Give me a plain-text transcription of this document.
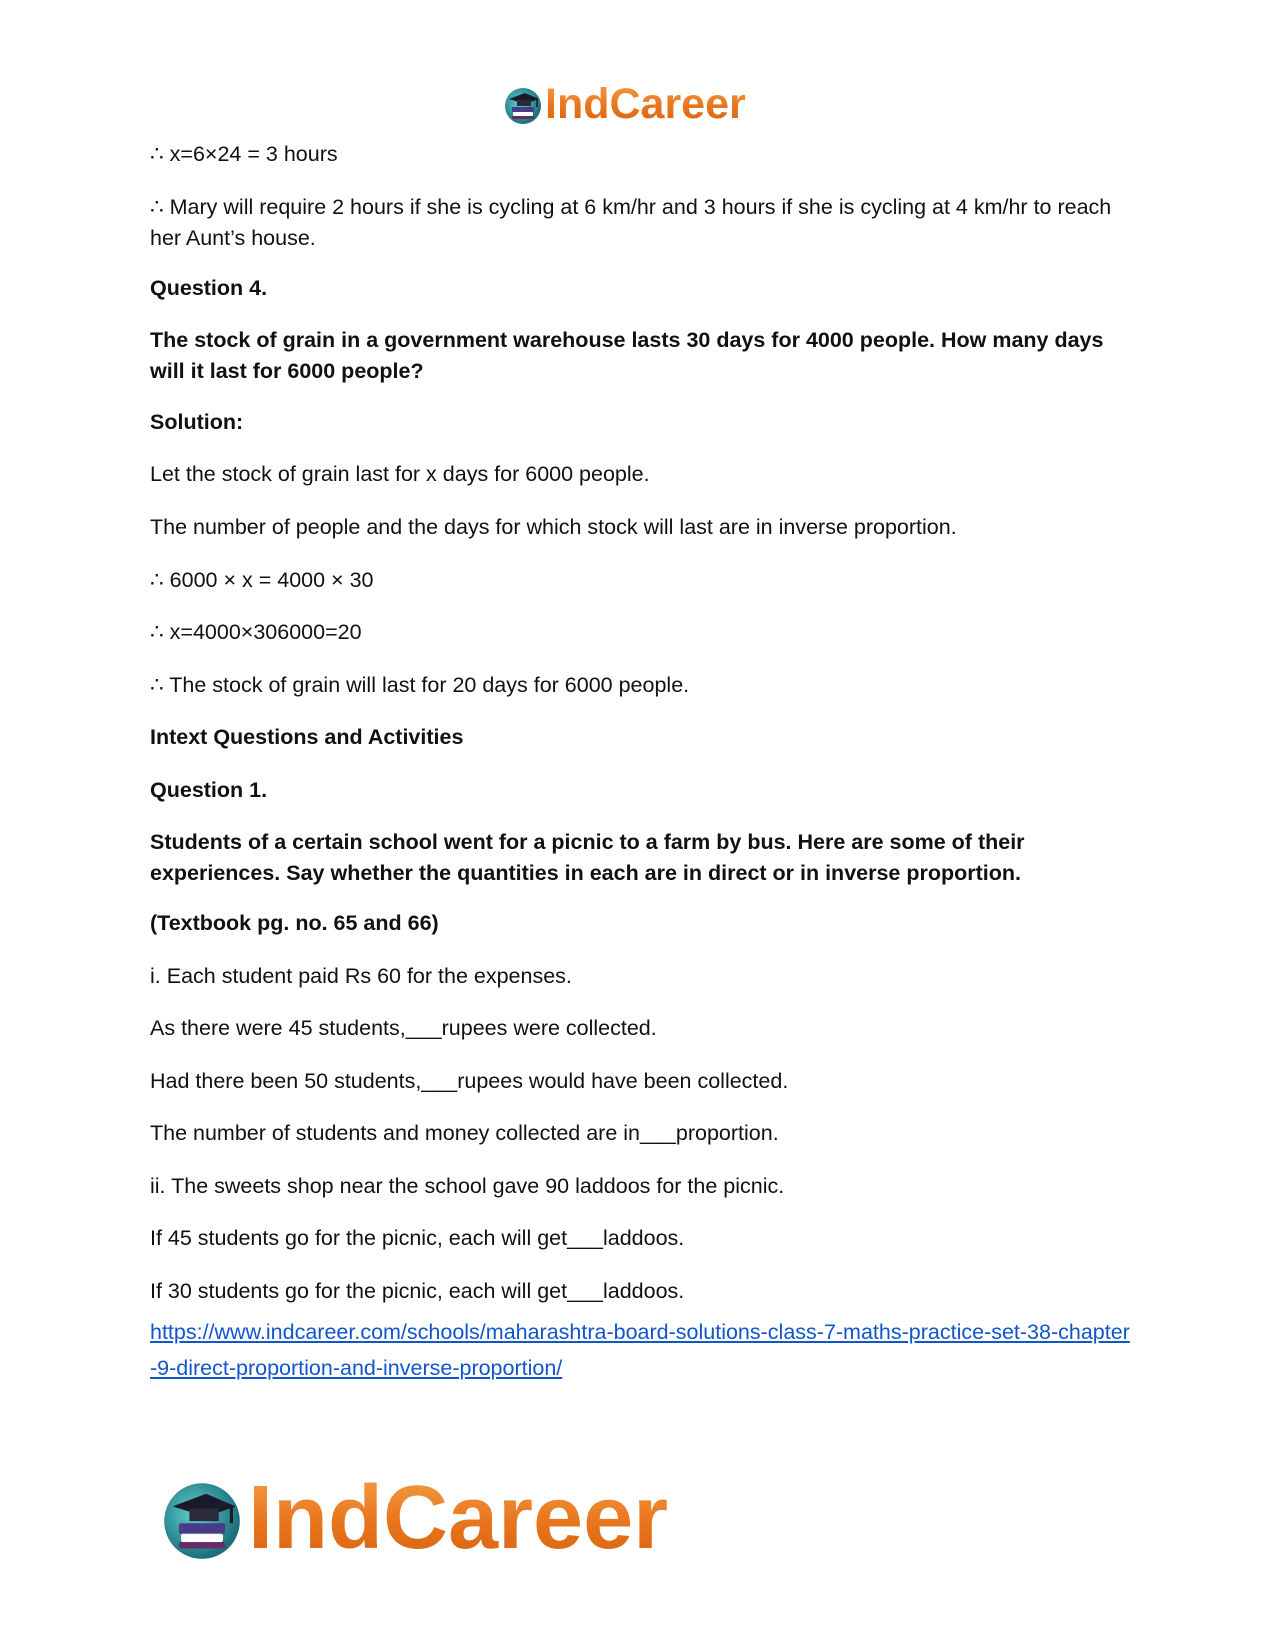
IndCareer
∴ x=6×24 = 3 hours
∴ Mary will require 2 hours if she is cycling at 6 km/hr and 3 hours if she is cycling at 4 km/hr to reach her Aunt’s house.
Question 4.
The stock of grain in a government warehouse lasts 30 days for 4000 people. How many days will it last for 6000 people?
Solution:
Let the stock of grain last for x days for 6000 people.
The number of people and the days for which stock will last are in inverse proportion.
∴ 6000 × x = 4000 × 30
∴ x=4000×306000=20
∴ The stock of grain will last for 20 days for 6000 people.
Intext Questions and Activities
Question 1.
Students of a certain school went for a picnic to a farm by bus. Here are some of their experiences. Say whether the quantities in each are in direct or in inverse proportion.
(Textbook pg. no. 65 and 66)
i. Each student paid Rs 60 for the expenses.
As there were 45 students,___rupees were collected.
Had there been 50 students,___rupees would have been collected.
The number of students and money collected are in___proportion.
ii. The sweets shop near the school gave 90 laddoos for the picnic.
If 45 students go for the picnic, each will get___laddoos.
If 30 students go for the picnic, each will get___laddoos.
https://www.indcareer.com/schools/maharashtra-board-solutions-class-7-maths-practice-set-38-chapter-9-direct-proportion-and-inverse-proportion/
IndCareer
